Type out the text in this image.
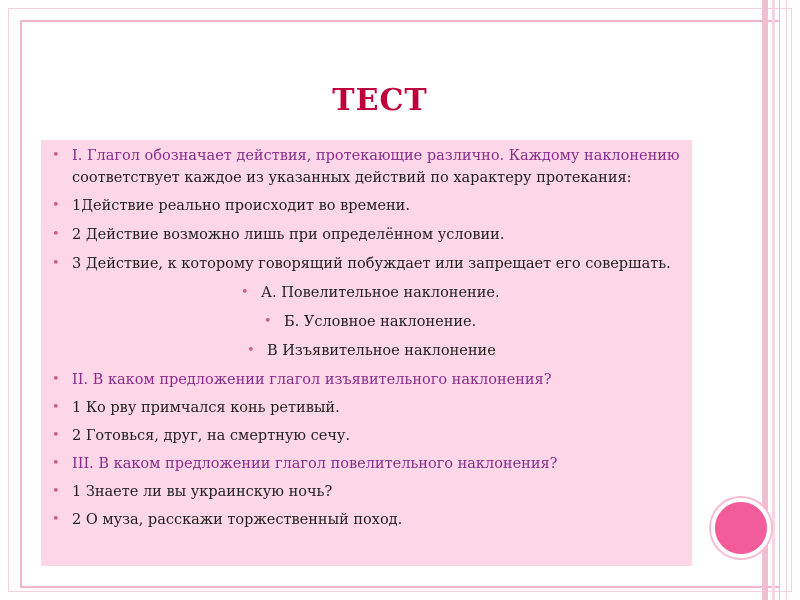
ТЕСТ
• I. Глагол обозначает действия, протекающие различно. Каждому наклонению
соответствует каждое из указанных действий по характеру протекания:
• 1Действие реально происходит во времени.
• 2 Действие возможно лишь при определённом условии.
• 3 Действие, к которому говорящий побуждает или запрещает его совершать.
• А. Повелительное наклонение.
• Б. Условное наклонение.
• В Изъявительное наклонение
• II. В каком предложении глагол изъявительного наклонения?
• 1 Ко рву примчался конь ретивый.
• 2 Готовься, друг, на смертную сечу.
• III. В каком предложении глагол повелительного наклонения?
• 1 Знаете ли вы украинскую ночь?
• 2 О муза, расскажи торжественный поход.
